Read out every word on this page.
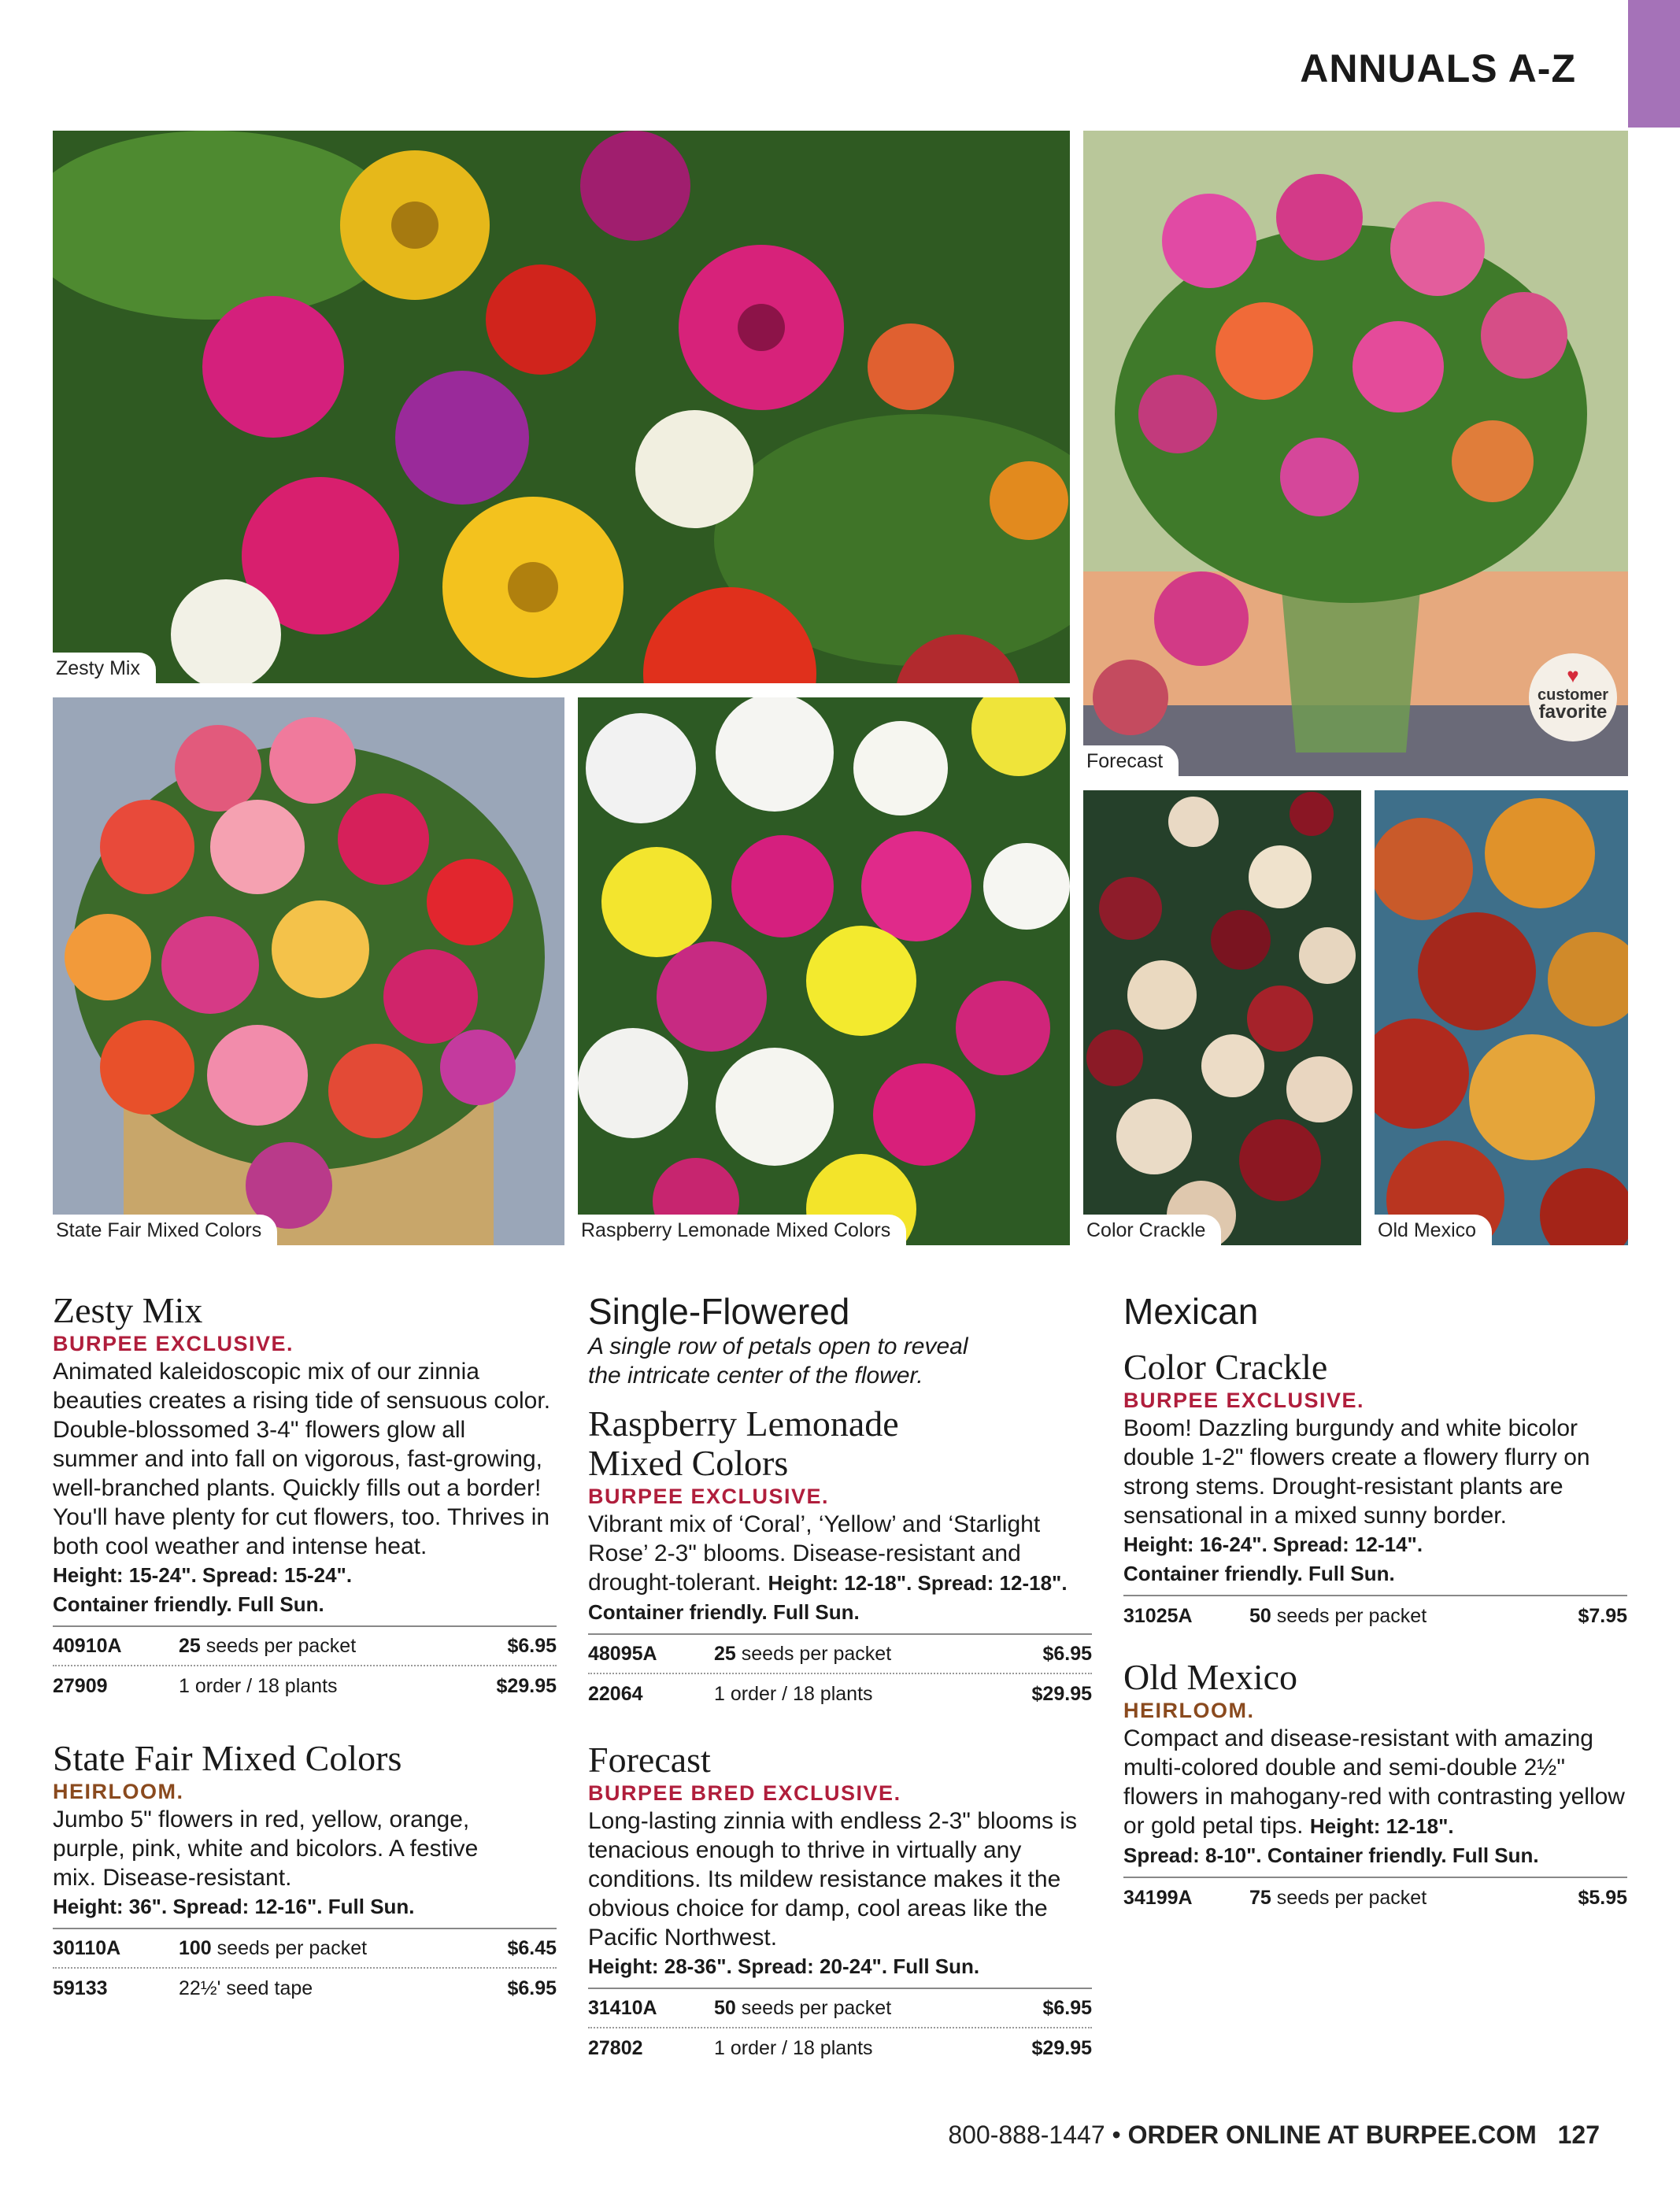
ANNUALS A-Z
Zesty Mix	♥
customer
favorite
Forecast
State Fair Mixed Colors	Raspberry Lemonade Mixed Colors	Color Crackle	Old Mexico
Zesty Mix
BURPEE EXCLUSIVE.

Animated kaleidoscopic mix of our zinnia beauties creates a rising tide of sensuous color. Double-blossomed 3-4" flowers glow all summer and into fall on vigorous, fast-growing, well-branched plants. Quickly fills out a border! You'll have plenty for cut flowers, too. Thrives in both cool weather and intense heat.

Height: 15-24". Spread: 15-24".
Container friendly. Full Sun.
40910A	25 seeds per packet	$6.95
27909	1 order / 18 plants	$29.95
State Fair Mixed Colors
HEIRLOOM.

Jumbo 5" flowers in red, yellow, orange, purple, pink, white and bicolors. A festive mix. Disease-resistant.

Height: 36". Spread: 12-16". Full Sun.
30110A	100 seeds per packet	$6.45
59133	22½' seed tape	$6.95
Single-Flowered

A single row of petals open to reveal the intricate center of the flower.

Raspberry Lemonade Mixed Colors
BURPEE EXCLUSIVE.

Vibrant mix of ‘Coral’, ‘Yellow’ and ‘Starlight Rose’ 2-3" blooms. Disease-resistant and drought-tolerant. Height: 12-18". Spread: 12-18".

Container friendly. Full Sun.
48095A	25 seeds per packet	$6.95
22064	1 order / 18 plants	$29.95
Forecast
BURPEE BRED EXCLUSIVE.

Long-lasting zinnia with endless 2-3" blooms is tenacious enough to thrive in virtually any conditions. Its mildew resistance makes it the obvious choice for damp, cool areas like the Pacific Northwest.

Height: 28-36". Spread: 20-24". Full Sun.
31410A	50 seeds per packet	$6.95
27802	1 order / 18 plants	$29.95
Mexican
Color Crackle
BURPEE EXCLUSIVE.

Boom! Dazzling burgundy and white bicolor double 1-2" flowers create a flowery flurry on strong stems. Drought-resistant plants are sensational in a mixed sunny border.

Height: 16-24". Spread: 12-14".
Container friendly. Full Sun.
31025A	50 seeds per packet	$7.95
Old Mexico
HEIRLOOM.

Compact and disease-resistant with amazing multi-colored double and semi-double 2½" flowers in mahogany-red with contrasting yellow or gold petal tips. Height: 12-18".

Spread: 8-10". Container friendly. Full Sun.
34199A	75 seeds per packet	$5.95
800-888-1447 • ORDER ONLINE AT BURPEE.COM 127
